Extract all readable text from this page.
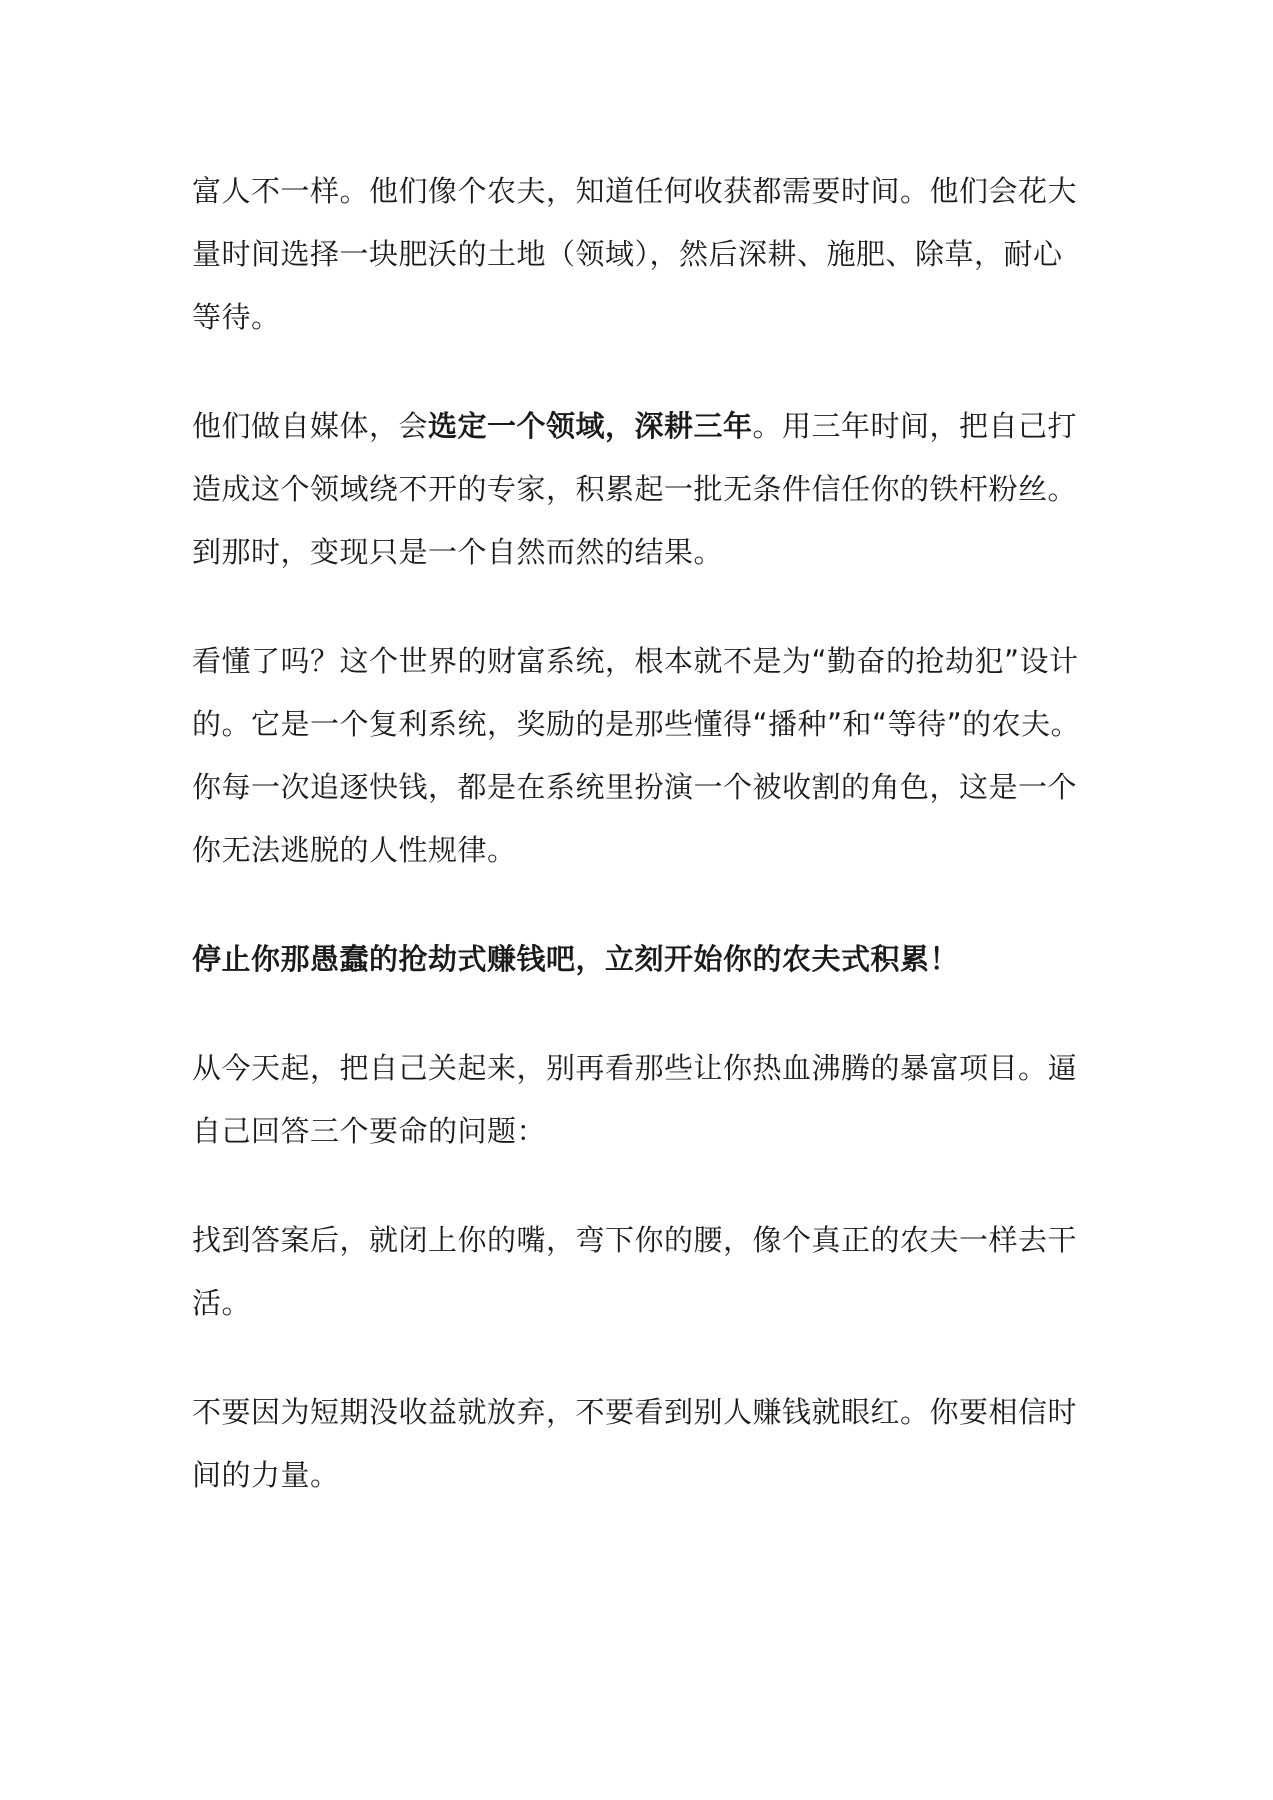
富人不一样。他们像个农夫，知道任何收获都需要时间。他们会花大量时间选择一块肥沃的土地（领域），然后深耕、施肥、除草，耐心等待。

他们做自媒体，会选定一个领域，深耕三年。用三年时间，把自己打造成这个领域绕不开的专家，积累起一批无条件信任你的铁杆粉丝。到那时，变现只是一个自然而然的结果。

看懂了吗？这个世界的财富系统，根本就不是为“勤奋的抢劫犯”设计的。它是一个复利系统，奖励的是那些懂得“播种”和“等待”的农夫。你每一次追逐快钱，都是在系统里扮演一个被收割的角色，这是一个你无法逃脱的人性规律。

停止你那愚蠢的抢劫式赚钱吧，立刻开始你的农夫式积累！

从今天起，把自己关起来，别再看那些让你热血沸腾的暴富项目。逼自己回答三个要命的问题：

找到答案后，就闭上你的嘴，弯下你的腰，像个真正的农夫一样去干活。

不要因为短期没收益就放弃，不要看到别人赚钱就眼红。你要相信时间的力量。
